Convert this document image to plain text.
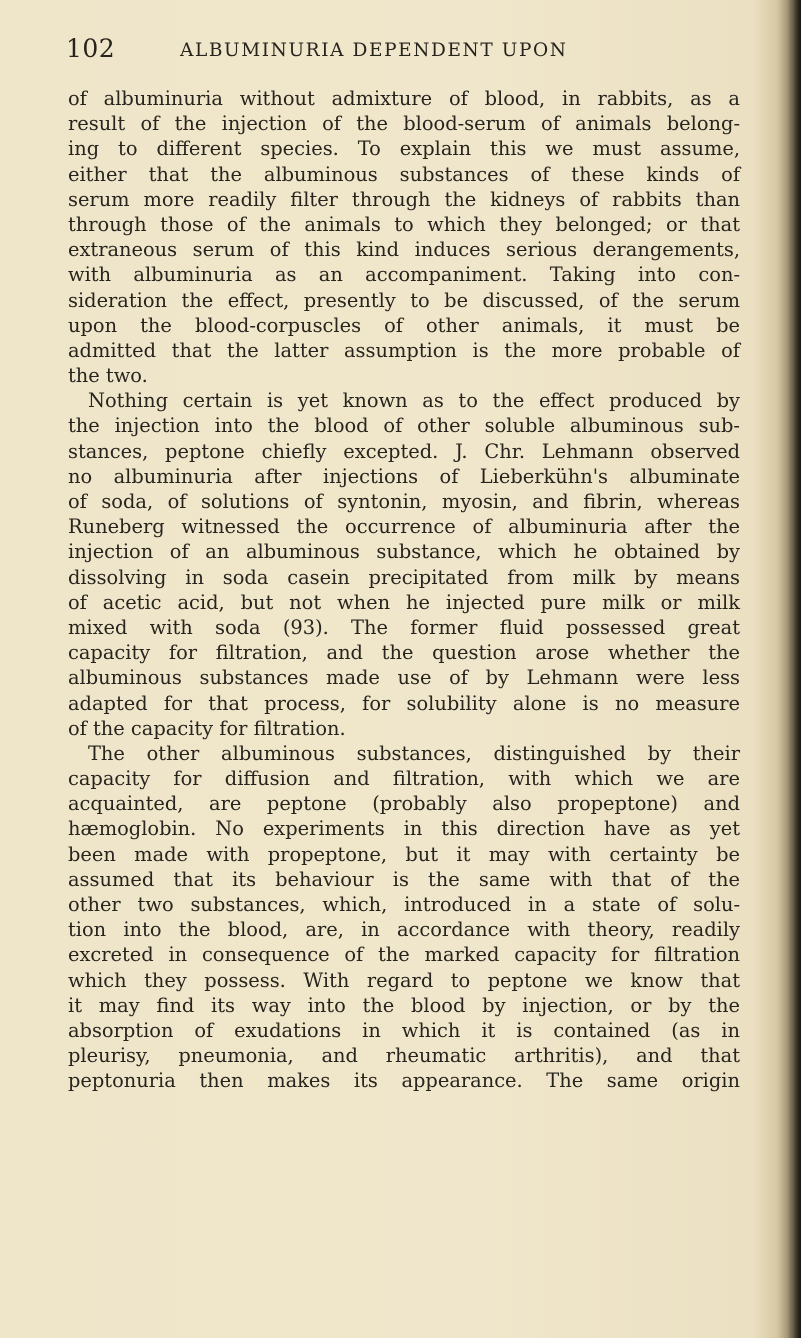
102	ALBUMINURIA DEPENDENT UPON
of albuminuria without admixture of blood, in rabbits, as a
result of the injection of the blood-serum of animals belong-
ing to different species. To explain this we must assume,
either that the albuminous substances of these kinds of
serum more readily filter through the kidneys of rabbits than
through those of the animals to which they belonged; or that
extraneous serum of this kind induces serious derangements,
with albuminuria as an accompaniment. Taking into con-
sideration the effect, presently to be discussed, of the serum
upon the blood-corpuscles of other animals, it must be
admitted that the latter assumption is the more probable of
the two.
Nothing certain is yet known as to the effect produced by
the injection into the blood of other soluble albuminous sub-
stances, peptone chiefly excepted. J. Chr. Lehmann observed
no albuminuria after injections of Lieberkühn's albuminate
of soda, of solutions of syntonin, myosin, and fibrin, whereas
Runeberg witnessed the occurrence of albuminuria after the
injection of an albuminous substance, which he obtained by
dissolving in soda casein precipitated from milk by means
of acetic acid, but not when he injected pure milk or milk
mixed with soda (93). The former fluid possessed great
capacity for filtration, and the question arose whether the
albuminous substances made use of by Lehmann were less
adapted for that process, for solubility alone is no measure
of the capacity for filtration.
The other albuminous substances, distinguished by their
capacity for diffusion and filtration, with which we are
acquainted, are peptone (probably also propeptone) and
hæmoglobin. No experiments in this direction have as yet
been made with propeptone, but it may with certainty be
assumed that its behaviour is the same with that of the
other two substances, which, introduced in a state of solu-
tion into the blood, are, in accordance with theory, readily
excreted in consequence of the marked capacity for filtration
which they possess. With regard to peptone we know that
it may find its way into the blood by injection, or by the
absorption of exudations in which it is contained (as in
pleurisy, pneumonia, and rheumatic arthritis), and that
peptonuria then makes its appearance. The same origin
